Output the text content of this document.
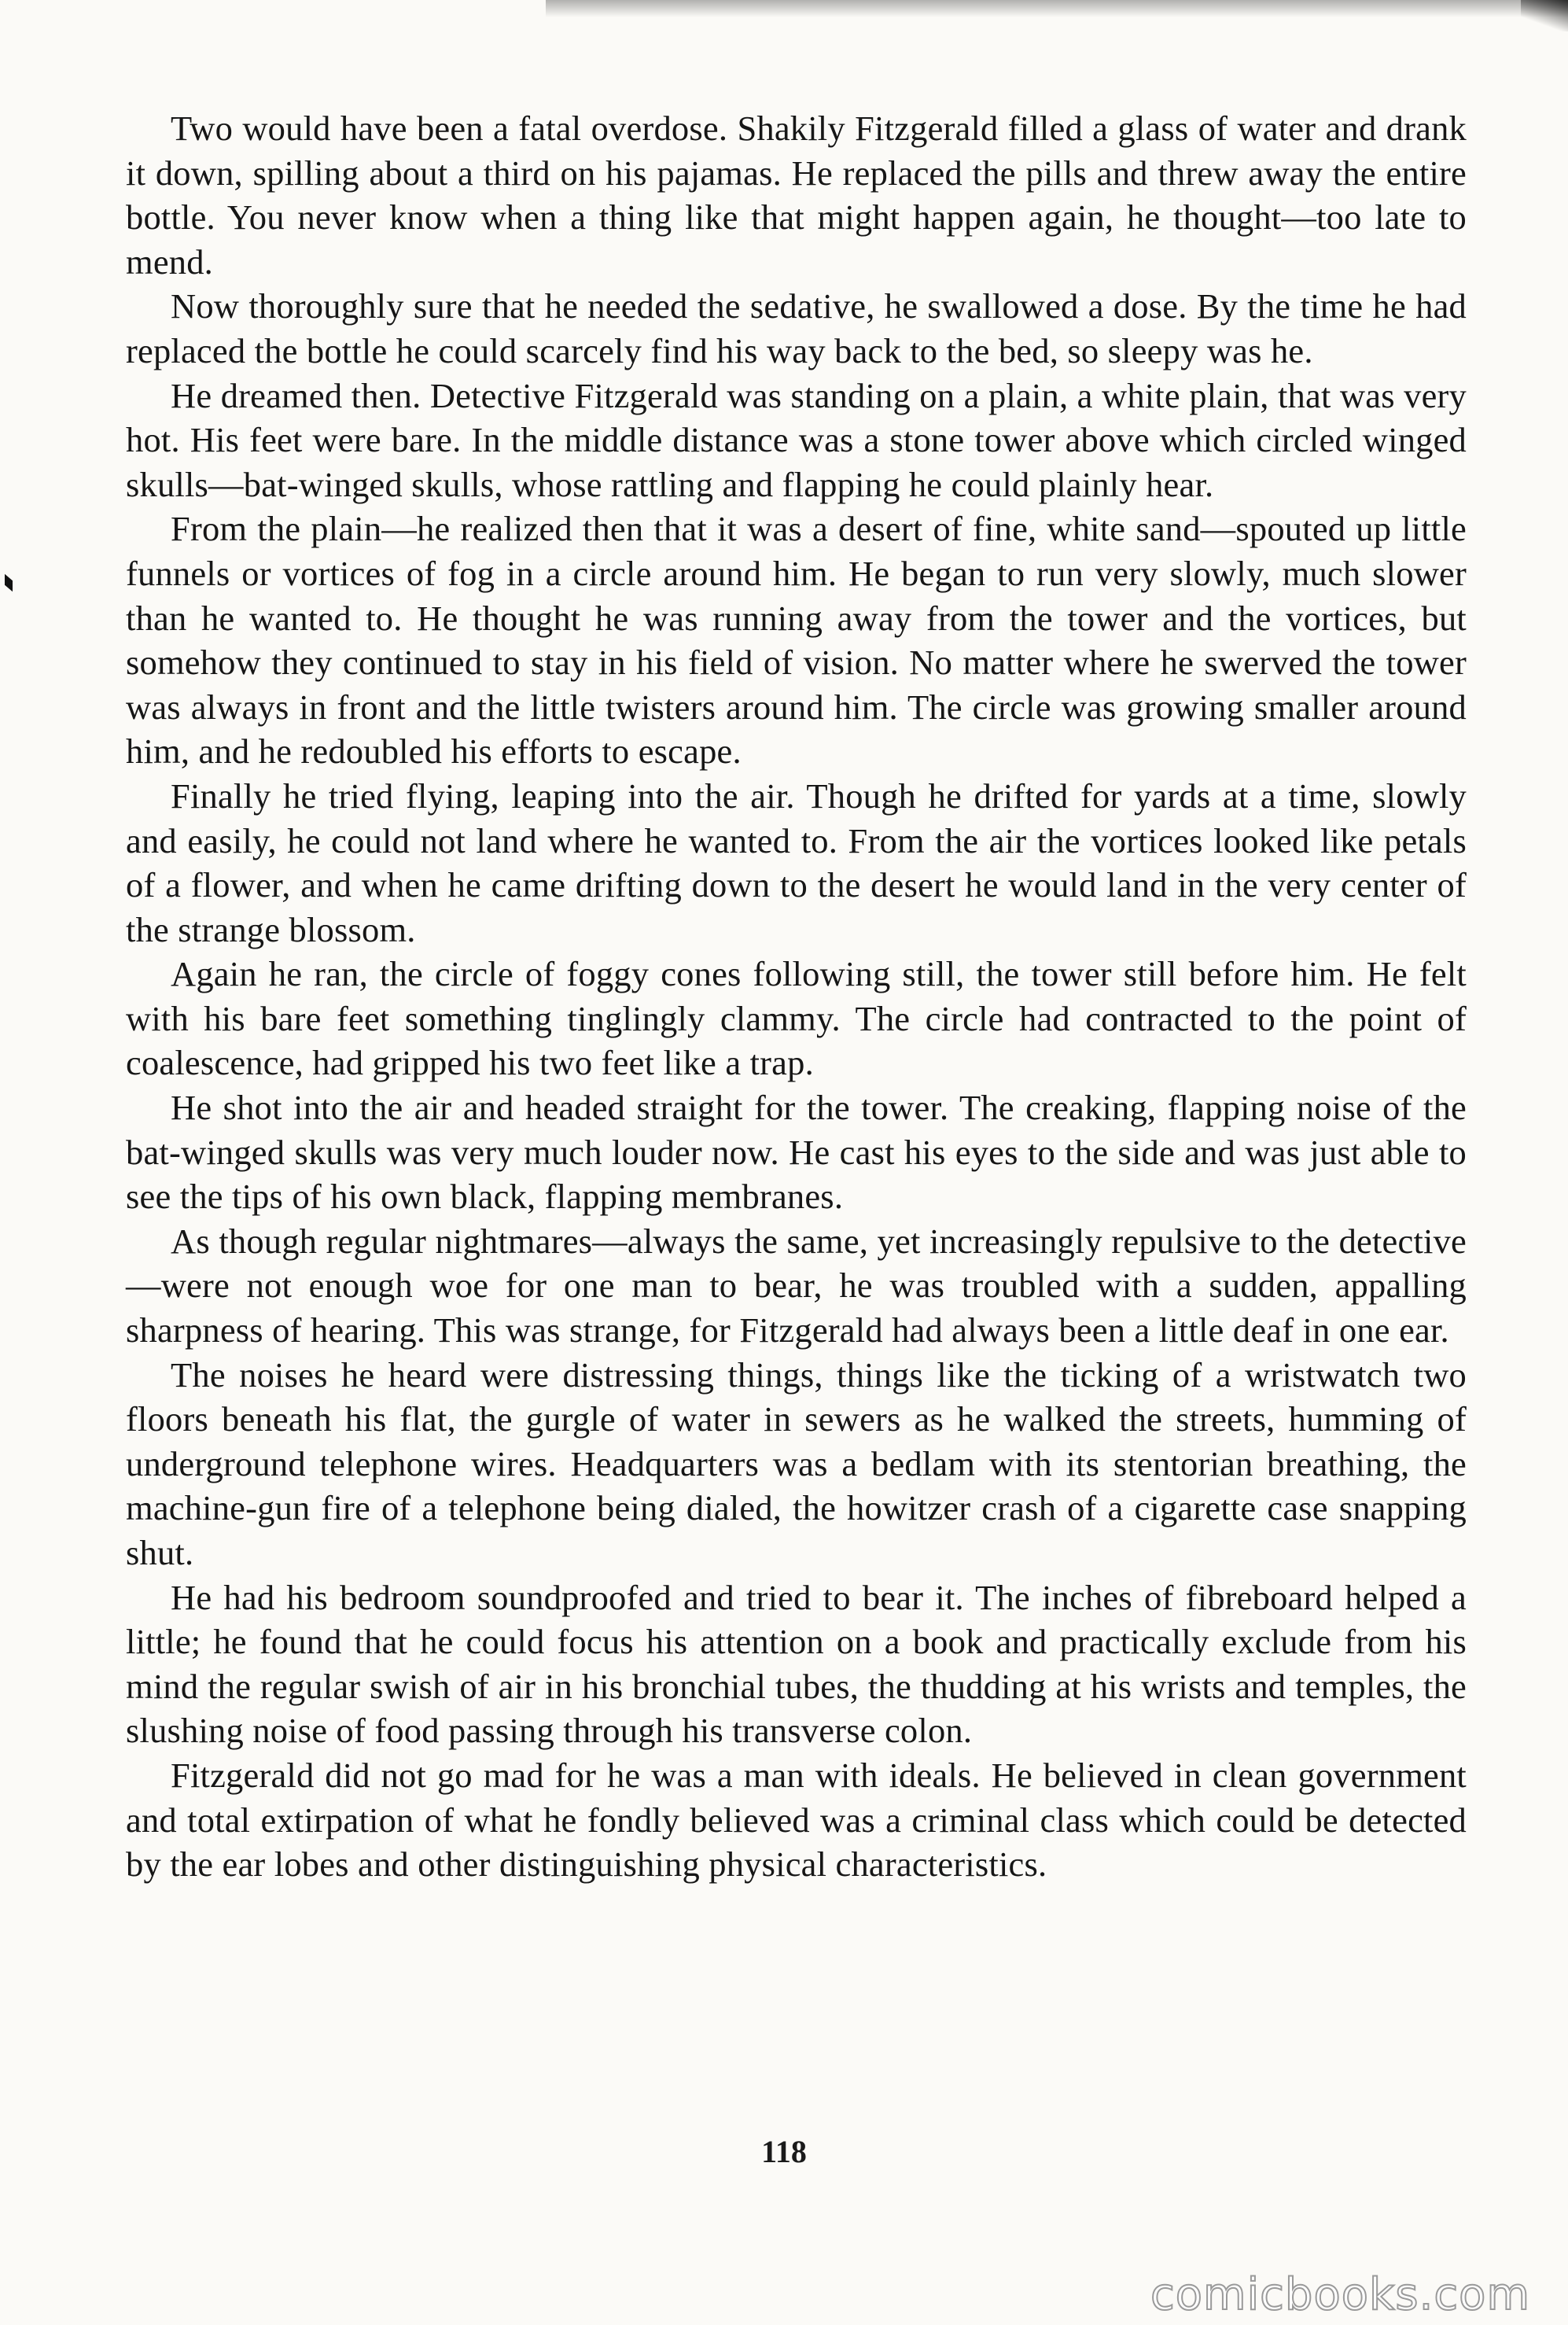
Two would have been a fatal overdose. Shakily Fitzgerald filled a glass of water and drank it down, spilling about a third on his pajamas. He replaced the pills and threw away the entire bottle. You never know when a thing like that might happen again, he thought—too late to mend.

Now thoroughly sure that he needed the sedative, he swallowed a dose. By the time he had replaced the bottle he could scarcely find his way back to the bed, so sleepy was he.

He dreamed then. Detective Fitzgerald was standing on a plain, a white plain, that was very hot. His feet were bare. In the middle distance was a stone tower above which circled winged skulls—bat-winged skulls, whose rattling and flapping he could plainly hear.

From the plain—he realized then that it was a desert of fine, white sand—spouted up little funnels or vortices of fog in a circle around him. He began to run very slowly, much slower than he wanted to. He thought he was running away from the tower and the vortices, but somehow they continued to stay in his field of vision. No matter where he swerved the tower was always in front and the little twisters around him. The circle was growing smaller around him, and he redoubled his efforts to escape.

Finally he tried flying, leaping into the air. Though he drifted for yards at a time, slowly and easily, he could not land where he wanted to. From the air the vortices looked like petals of a flower, and when he came drifting down to the desert he would land in the very center of the strange blossom.

Again he ran, the circle of foggy cones following still, the tower still before him. He felt with his bare feet something tinglingly clammy. The circle had contracted to the point of coalescence, had gripped his two feet like a trap.

He shot into the air and headed straight for the tower. The creaking, flapping noise of the bat-winged skulls was very much louder now. He cast his eyes to the side and was just able to see the tips of his own black, flapping membranes.

As though regular nightmares—always the same, yet increasingly repulsive to the detective—were not enough woe for one man to bear, he was troubled with a sudden, appalling sharpness of hearing. This was strange, for Fitzgerald had always been a little deaf in one ear.

The noises he heard were distressing things, things like the ticking of a wristwatch two floors beneath his flat, the gurgle of water in sewers as he walked the streets, humming of underground telephone wires. Headquarters was a bedlam with its stentorian breathing, the machine-gun fire of a telephone being dialed, the howitzer crash of a cigarette case snapping shut.

He had his bedroom soundproofed and tried to bear it. The inches of fibreboard helped a little; he found that he could focus his attention on a book and practically exclude from his mind the regular swish of air in his bronchial tubes, the thudding at his wrists and temples, the slushing noise of food passing through his transverse colon.

Fitzgerald did not go mad for he was a man with ideals. He believed in clean government and total extirpation of what he fondly believed was a criminal class which could be detected by the ear lobes and other distinguishing physical characteristics.

118
comicbooks.com
